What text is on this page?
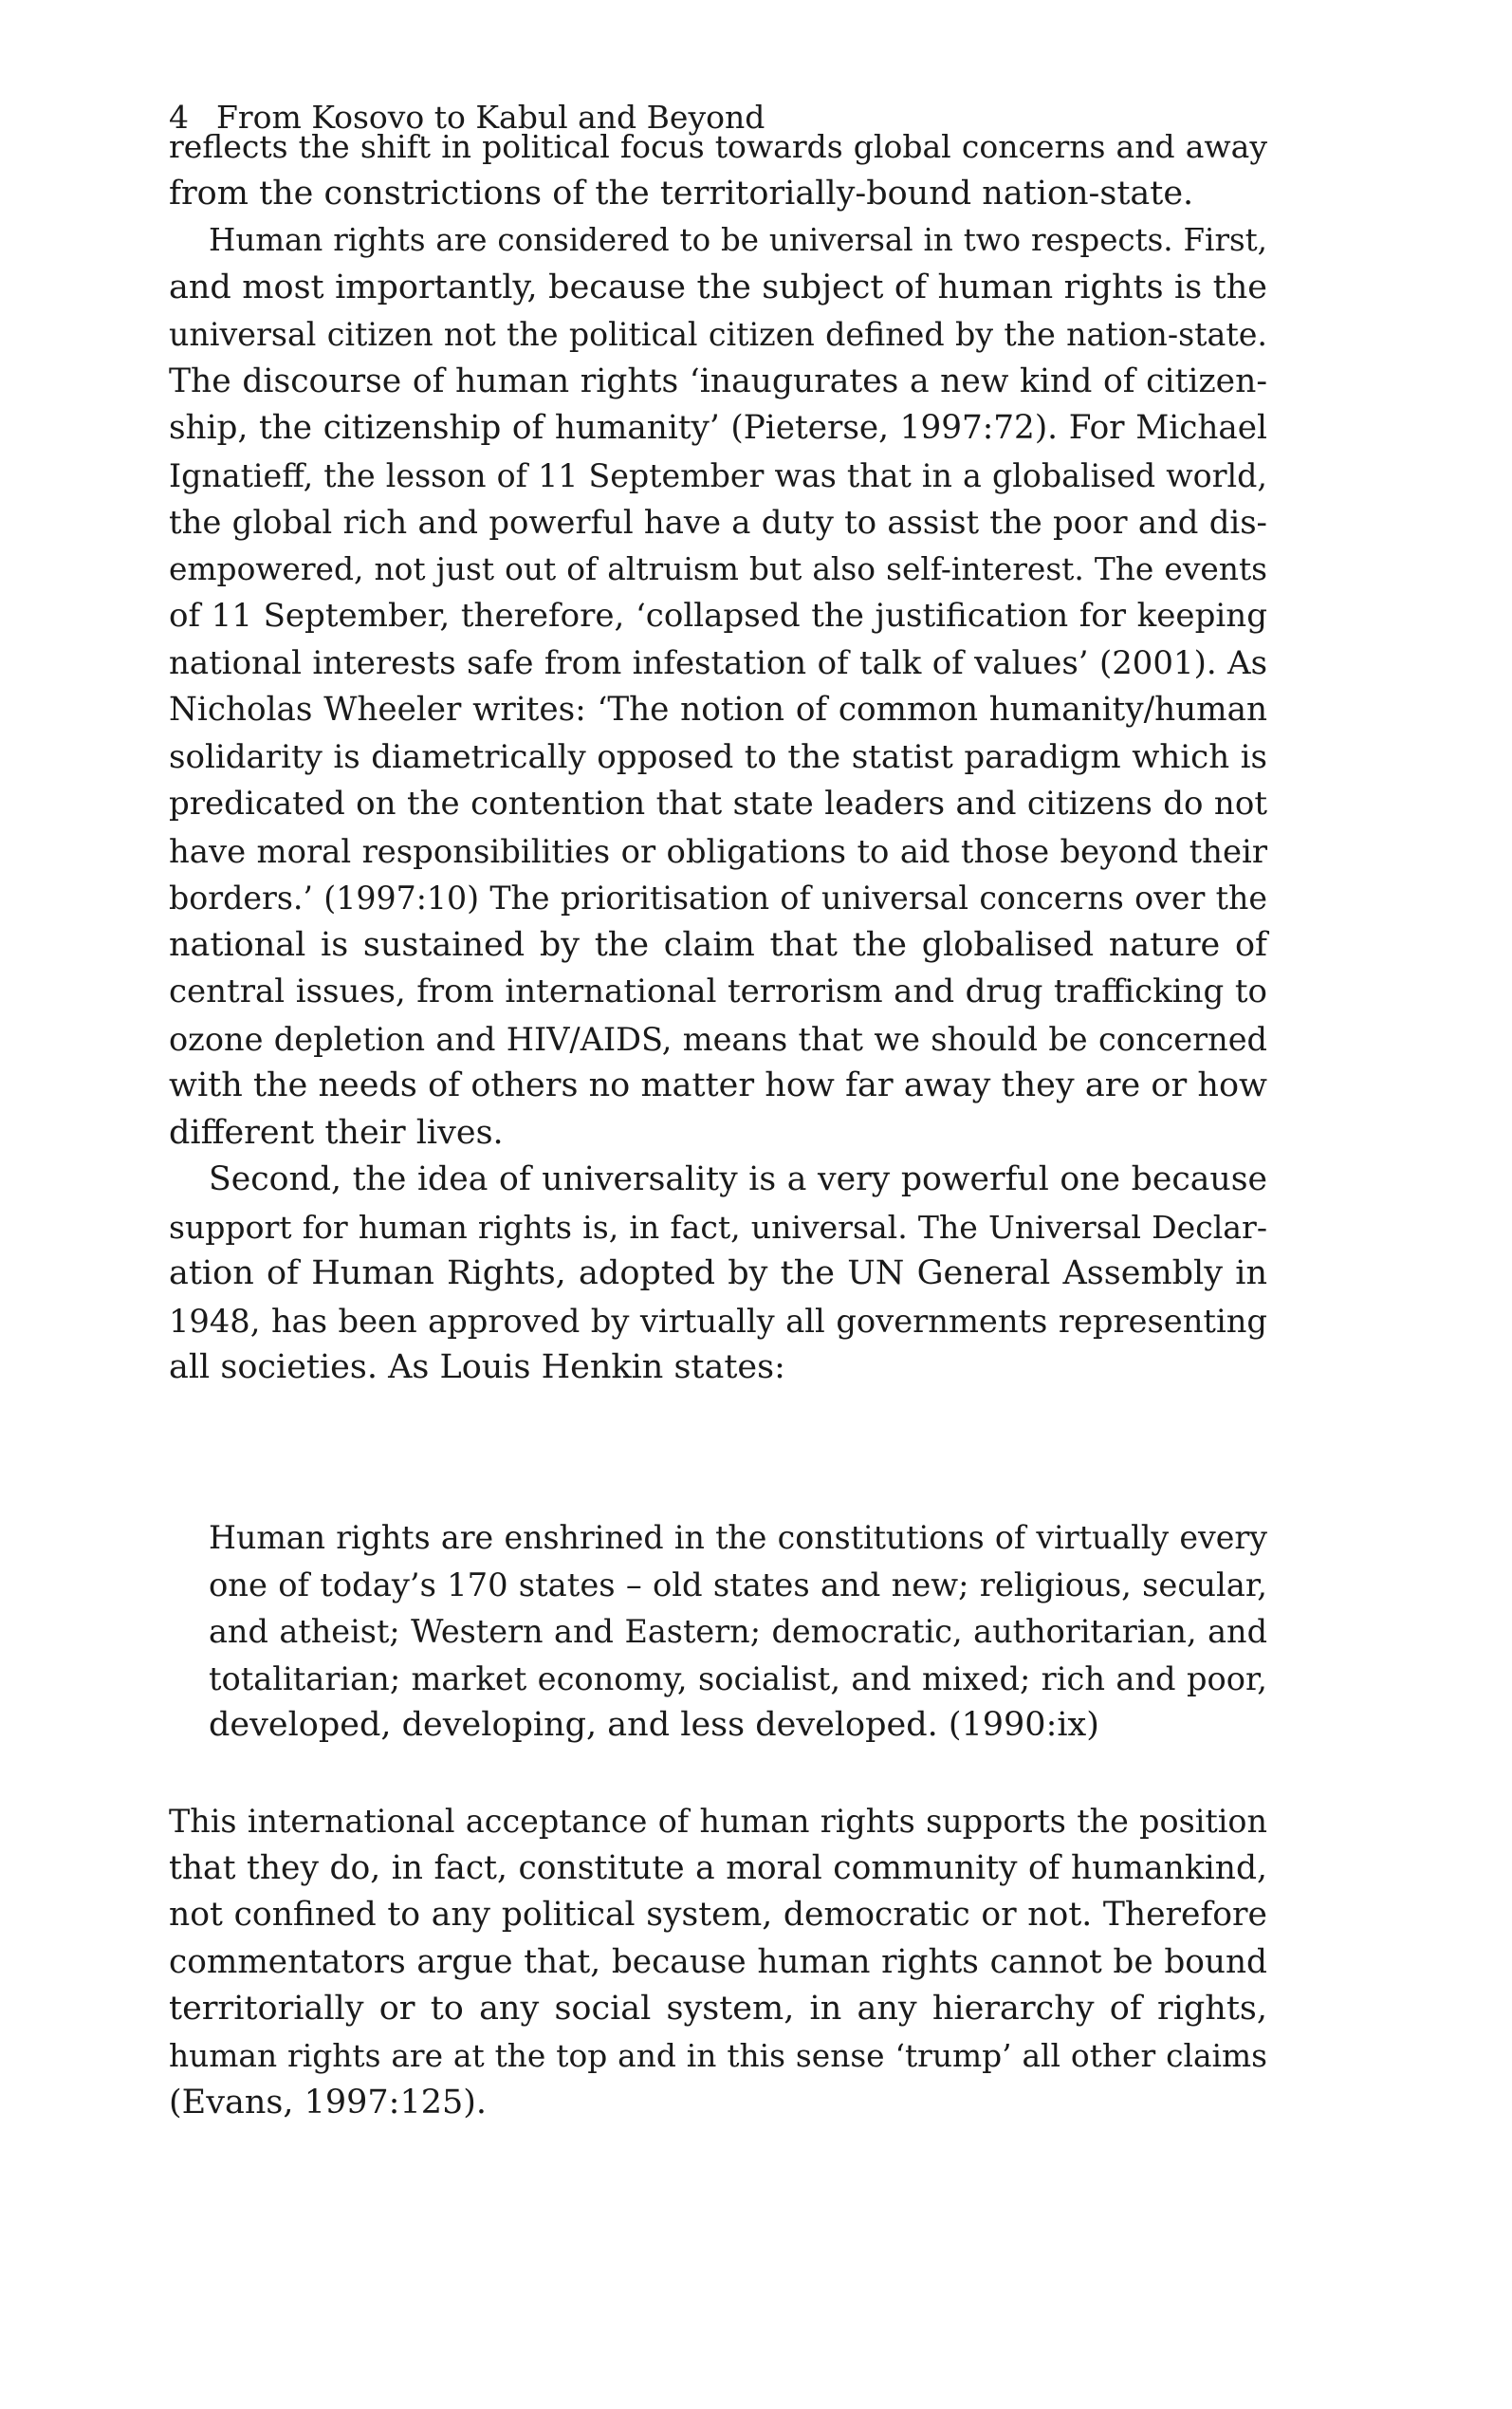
4 From Kosovo to Kabul and Beyond
reflects the shift in political focus towards global concerns and away
from the constrictions of the territorially-bound nation-state.
Human rights are considered to be universal in two respects. First,
and most importantly, because the subject of human rights is the
universal citizen not the political citizen defined by the nation-state.
The discourse of human rights ‘inaugurates a new kind of citizen-
ship, the citizenship of humanity’ (Pieterse, 1997:72). For Michael
Ignatieff, the lesson of 11 September was that in a globalised world,
the global rich and powerful have a duty to assist the poor and dis-
empowered, not just out of altruism but also self-interest. The events
of 11 September, therefore, ‘collapsed the justification for keeping
national interests safe from infestation of talk of values’ (2001). As
Nicholas Wheeler writes: ‘The notion of common humanity/human
solidarity is diametrically opposed to the statist paradigm which is
predicated on the contention that state leaders and citizens do not
have moral responsibilities or obligations to aid those beyond their
borders.’ (1997:10) The prioritisation of universal concerns over the
national is sustained by the claim that the globalised nature of
central issues, from international terrorism and drug trafficking to
ozone depletion and HIV/AIDS, means that we should be concerned
with the needs of others no matter how far away they are or how
different their lives.
Second, the idea of universality is a very powerful one because
support for human rights is, in fact, universal. The Universal Declar-
ation of Human Rights, adopted by the UN General Assembly in
1948, has been approved by virtually all governments representing
all societies. As Louis Henkin states:
Human rights are enshrined in the constitutions of virtually every
one of today’s 170 states – old states and new; religious, secular,
and atheist; Western and Eastern; democratic, authoritarian, and
totalitarian; market economy, socialist, and mixed; rich and poor,
developed, developing, and less developed. (1990:ix)
This international acceptance of human rights supports the position
that they do, in fact, constitute a moral community of humankind,
not confined to any political system, democratic or not. Therefore
commentators argue that, because human rights cannot be bound
territorially or to any social system, in any hierarchy of rights,
human rights are at the top and in this sense ‘trump’ all other claims
(Evans, 1997:125).
